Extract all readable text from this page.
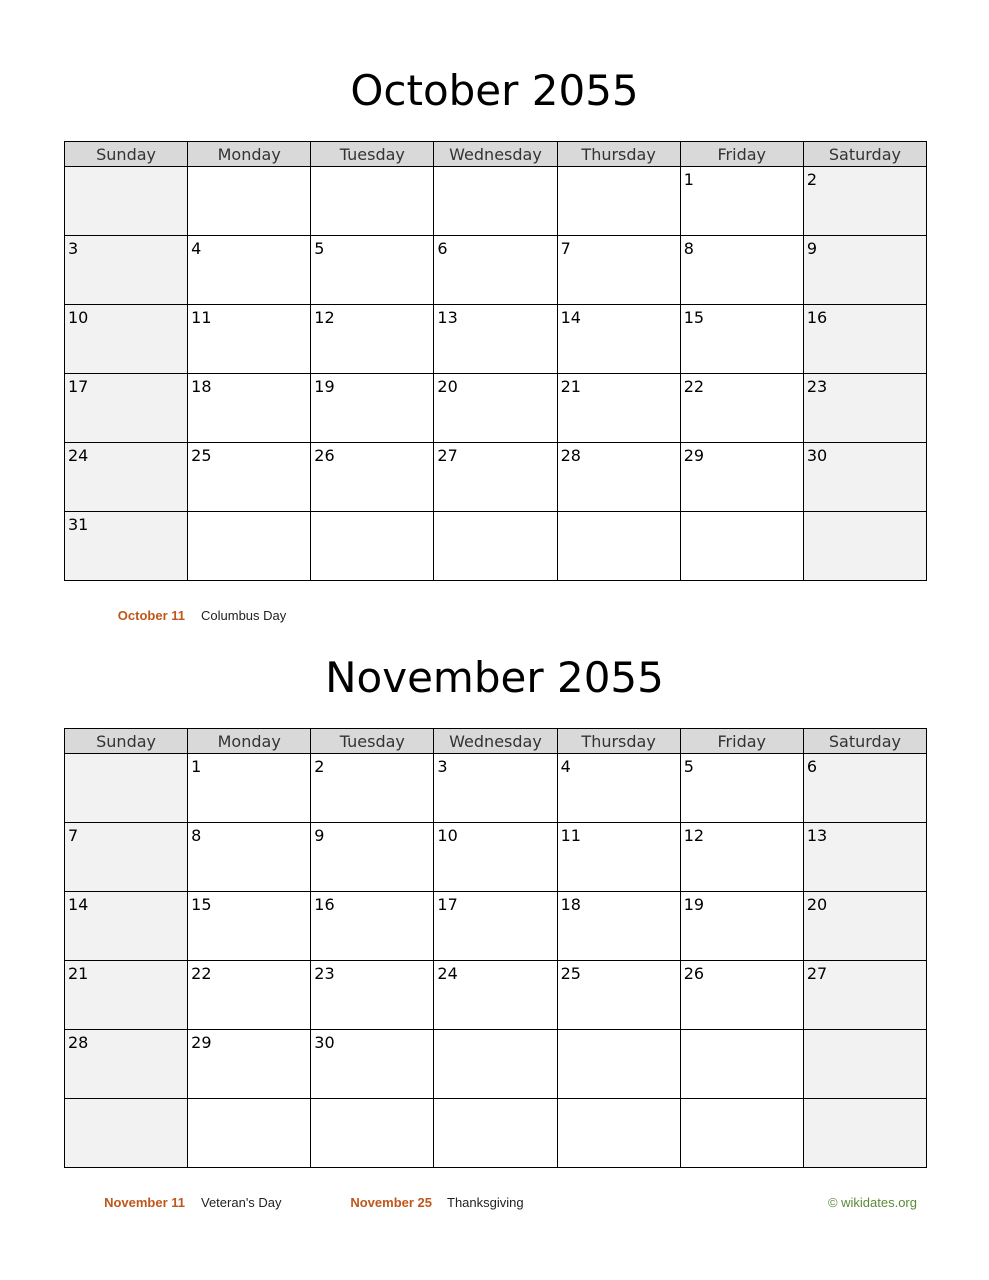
October 2055
Sunday	Monday	Tuesday	Wednesday	Thursday	Friday	Saturday

					1	2

3	4	5	6	7	8	9

10	11	12	13	14	15	16

17	18	19	20	21	22	23

24	25	26	27	28	29	30

31						

October 11 Columbus Day
November 2055
Sunday	Monday	Tuesday	Wednesday	Thursday	Friday	Saturday

	1	2	3	4	5	6

7	8	9	10	11	12	13

14	15	16	17	18	19	20

21	22	23	24	25	26	27

28	29	30				

November 11 Veteran's Day	November 25 Thanksgiving	© wikidates.org
